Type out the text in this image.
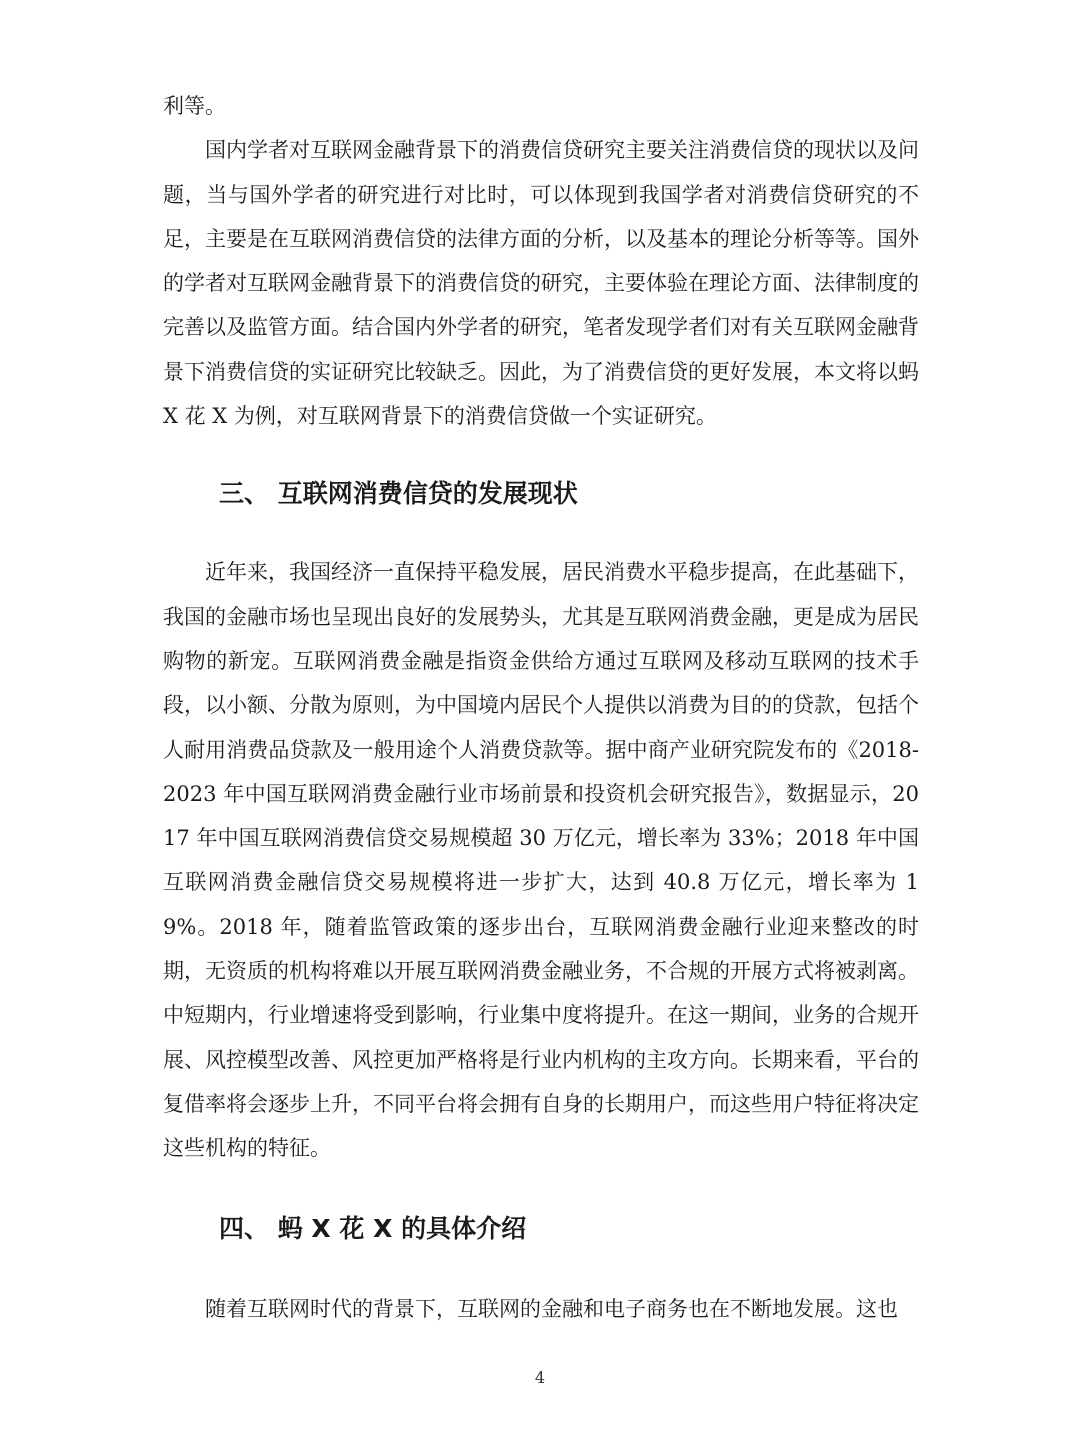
利等。

国内学者对互联网金融背景下的消费信贷研究主要关注消费信贷的现状以及问题，当与国外学者的研究进行对比时，可以体现到我国学者对消费信贷研究的不足，主要是在互联网消费信贷的法律方面的分析，以及基本的理论分析等等。国外的学者对互联网金融背景下的消费信贷的研究，主要体验在理论方面、法律制度的完善以及监管方面。结合国内外学者的研究，笔者发现学者们对有关互联网金融背景下消费信贷的实证研究比较缺乏。因此，为了消费信贷的更好发展，本文将以蚂 X 花 X 为例，对互联网背景下的消费信贷做一个实证研究。

三、 互联网消费信贷的发展现状

近年来，我国经济一直保持平稳发展，居民消费水平稳步提高，在此基础下，我国的金融市场也呈现出良好的发展势头，尤其是互联网消费金融，更是成为居民购物的新宠。互联网消费金融是指资金供给方通过互联网及移动互联网的技术手段，以小额、分散为原则，为中国境内居民个人提供以消费为目的的贷款，包括个人耐用消费品贷款及一般用途个人消费贷款等。据中商产业研究院发布的《2018-2023 年中国互联网消费金融行业市场前景和投资机会研究报告》，数据显示，2017 年中国互联网消费信贷交易规模超 30 万亿元，增长率为 33%；2018 年中国互联网消费金融信贷交易规模将进一步扩大，达到 40.8 万亿元，增长率为 19%。2018 年，随着监管政策的逐步出台，互联网消费金融行业迎来整改的时期，无资质的机构将难以开展互联网消费金融业务，不合规的开展方式将被剥离。中短期内，行业增速将受到影响，行业集中度将提升。在这一期间，业务的合规开展、风控模型改善、风控更加严格将是行业内机构的主攻方向。长期来看，平台的复借率将会逐步上升，不同平台将会拥有自身的长期用户，而这些用户特征将决定这些机构的特征。

四、 蚂 X 花 X 的具体介绍

随着互联网时代的背景下，互联网的金融和电子商务也在不断地发展。这也

4
